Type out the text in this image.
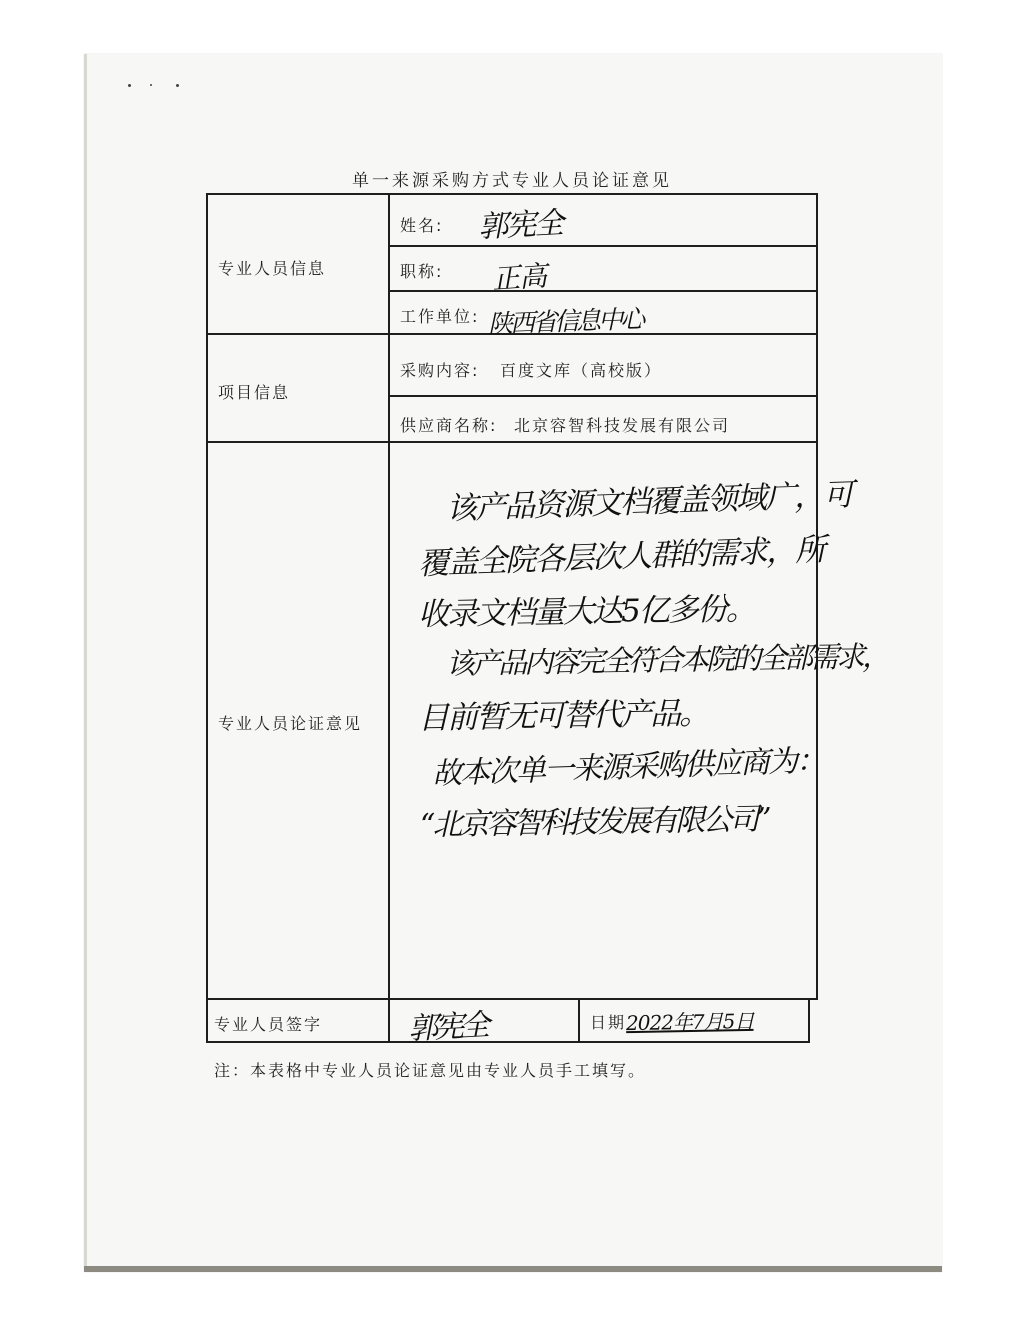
单一来源采购方式专业人员论证意见
专业人员信息
姓名: 郭宪全
职称: 正高
工作单位: 陕西省信息中心
项目信息
采购内容: 百度文库（高校版）
供应商名称: 北京容智科技发展有限公司
专业人员论证意见
该产品资源文档覆盖领域广，可
覆盖全院各层次人群的需求，所
收录文档量大达5亿多份。
该产品内容完全符合本院的全部需求，
目前暂无可替代产品。
故本次单一来源采购供应商为：
“北京容智科技发展有限公司”
专业人员签字	郭宪全	日期 2022年7月5日
注：本表格中专业人员论证意见由专业人员手工填写。
